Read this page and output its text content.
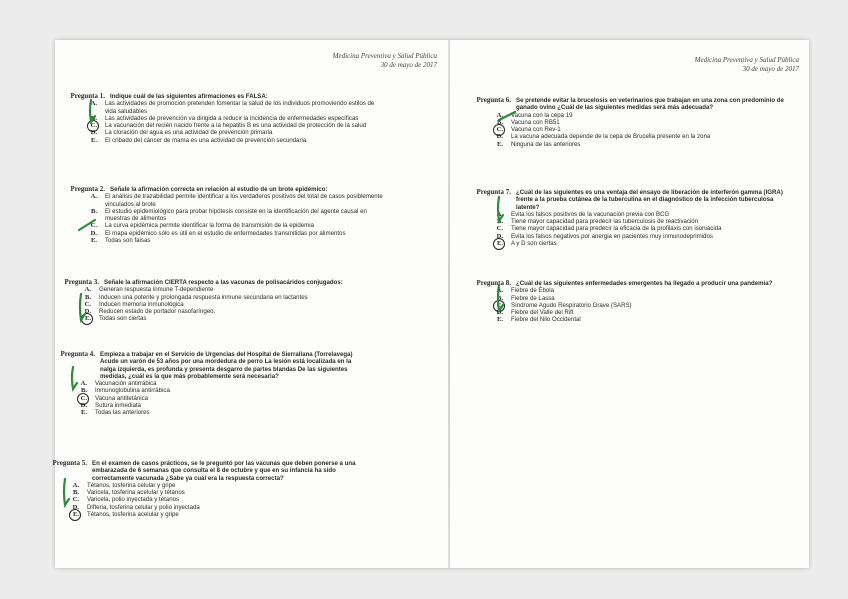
Medicina Preventiva y Salud Pública
30 de mayo de 2017
Pregunta 1. Indique cuál de las siguientes afirmaciones es FALSA:
A.	Las actividades de promoción pretenden fomentar la salud de los individuos promoviendo estilos de vida saludables
B.	Las actividades de prevención va dirigida a reducir la incidencia de enfermedades específicas
C.	La vacunación del recién nacido frente a la hepatitis B es una actividad de protección de la salud
D.	La cloración del agua es una actividad de prevención primaria
E.	El cribado del cáncer de mama es una actividad de prevención secundaria
Pregunta 2. Señale la afirmación correcta en relación al estudio de un brote epidémico:
A.	El análisis de trazabilidad permite identificar a los verdaderos positivos del total de casos posiblemente vinculados al brote
B.	El estudio epidemiológico para probar hipótesis consiste en la identificación del agente causal en muestras de alimentos
C.	La curva epidémica permite identificar la forma de transmisión de la epidemia
D.	El mapa epidémico sólo es útil en el estudio de enfermedades transmitidas por alimentos
E.	Todas son falsas
Pregunta 3. Señale la afirmación CIERTA respecto a las vacunas de polisacáridos conjugados:
A.	Generan respuesta inmune T-dependiente
B.	Inducen una potente y prolongada respuesta inmune secundaria en lactantes
C.	Inducen memoria inmunológica
D.	Reducen estado de portador nasofaríngeo.
E.	Todas son ciertas
Pregunta 4. Empieza a trabajar en el Servicio de Urgencias del Hospital de Sierrallana (Torrelavega) Acude un varón de 53 años por una mordedura de perro La lesión está localizada en la nalga izquierda, es profunda y presenta desgarro de partes blandas De las siguientes medidas, ¿cuál es la que más probablemente será necesaria?
A.	Vacunación antirrábica
B.	Inmunoglobulina antirrábica
C.	Vacuna antitetánica
D.	Sutura inmediata
E.	Todas las anteriores
Pregunta 5. En el examen de casos prácticos, se le preguntó por las vacunas que deben ponerse a una embarazada de 6 semanas que consulta el 8 de octubre y que en su infancia ha sido correctamente vacunada ¿Sabe ya cuál era la respuesta correcta?
A.	Tétanos, tosferina celular y gripe
B.	Varicela, tosferina acelular y tétanos
C.	Varicela, polio inyectada y tétanos
D.	Difteria, tosferina celular y polio inyectada
E.	Tétanos, tosferina acelular y gripe
Medicina Preventiva y Salud Pública
30 de mayo de 2017
Pregunta 6. Se pretende evitar la brucelosis en veterinarios que trabajan en una zona con predominio de ganado ovino ¿Cuál de las siguientes medidas será más adecuada?
A.	Vacuna con la cepa 19
B.	Vacuna con RB51
C.	Vacuna con Rev-1
D.	La vacuna adecuada depende de la cepa de Brucella presente en la zona
E.	Ninguna de las anteriores
Pregunta 7. ¿Cuál de las siguientes es una ventaja del ensayo de liberación de interferón gamma (IGRA) frente a la prueba cutánea de la tuberculina en el diagnóstico de la infección tuberculosa latente?
A.	Evita los falsos positivos de la vacunación previa con BCG
B.	Tiene mayor capacidad para predecir las tuberculosis de reactivación
C.	Tiene mayor capacidad para predecir la eficacia de la profilaxis con isoniacida
D.	Evita los falsos negativos por anergia en pacientes muy inmunodeprimidos
E.	A y D son ciertas
Pregunta 8. ¿Cuál de las siguientes enfermedades emergentes ha llegado a producir una pandemia?
A.	Fiebre de Ébola
B.	Fiebre de Lassa
C.	Síndrome Agudo Respiratorio Grave (SARS)
D.	Fiebre del Valle del Rift
E.	Fiebre del Nilo Occidental
